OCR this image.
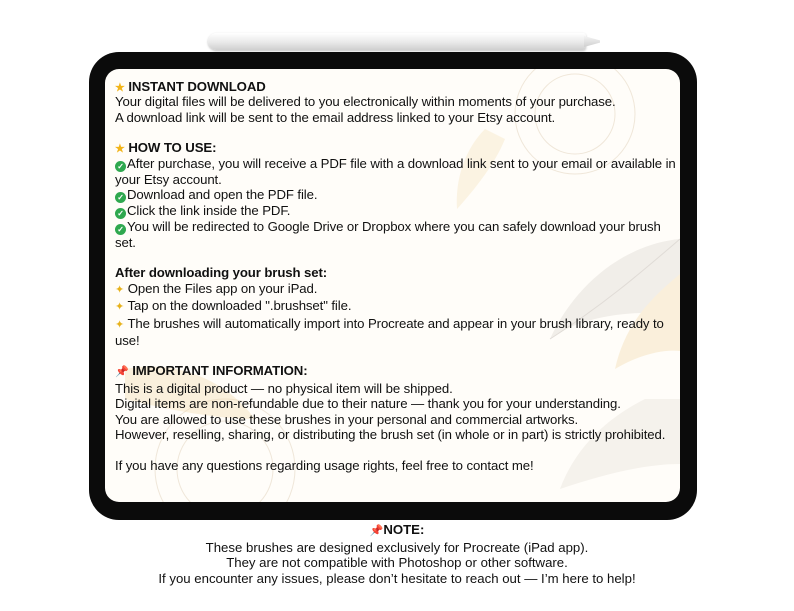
★ INSTANT DOWNLOAD

Your digital files will be delivered to you electronically within moments of your purchase.

A download link will be sent to the email address linked to your Etsy account.

★ HOW TO USE:

✓ After purchase, you will receive a PDF file with a download link sent to your email or available in your Etsy account.

✓ Download and open the PDF file.

✓ Click the link inside the PDF.

✓ You will be redirected to Google Drive or Dropbox where you can safely download your brush set.

After downloading your brush set:

✦ Open the Files app on your iPad.

✦ Tap on the downloaded ".brushset" file.

✦ The brushes will automatically import into Procreate and appear in your brush library, ready to use!

📌 IMPORTANT INFORMATION:

This is a digital product — no physical item will be shipped.

Digital items are non-refundable due to their nature — thank you for your understanding.

You are allowed to use these brushes in your personal and commercial artworks.

However, reselling, sharing, or distributing the brush set (in whole or in part) is strictly prohibited.

If you have any questions regarding usage rights, feel free to contact me!

📌NOTE:

These brushes are designed exclusively for Procreate (iPad app).

They are not compatible with Photoshop or other software.

If you encounter any issues, please don’t hesitate to reach out — I’m here to help!
